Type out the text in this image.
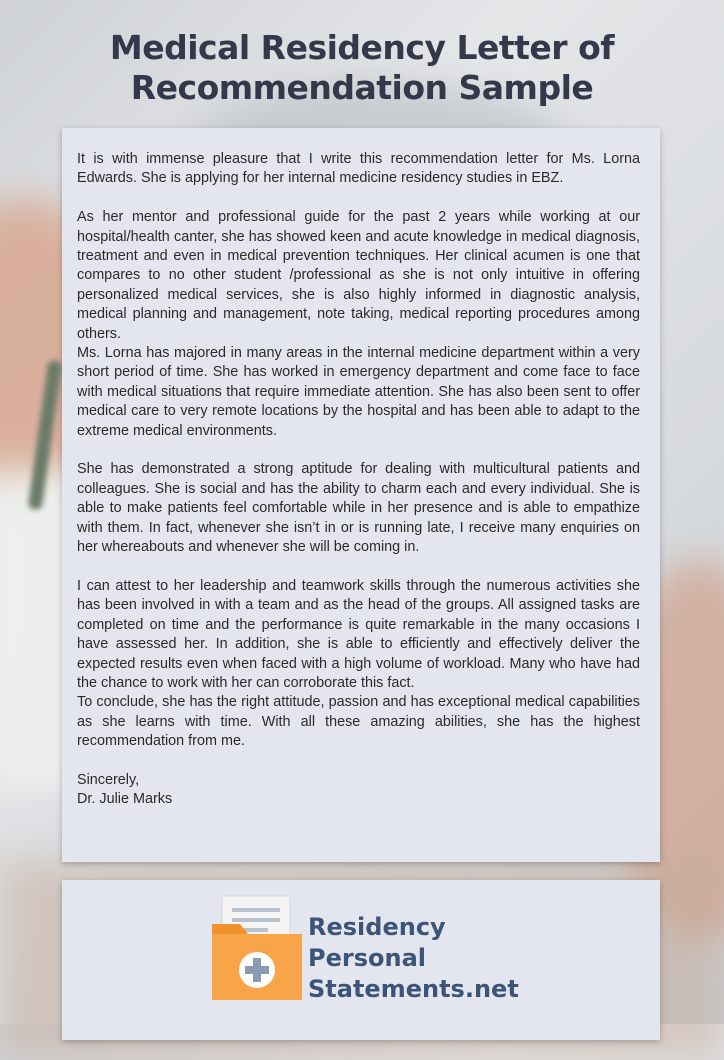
Medical Residency Letter of Recommendation Sample

It is with immense pleasure that I write this recommendation letter for Ms. Lorna Edwards. She is applying for her internal medicine residency studies in EBZ.

As her mentor and professional guide for the past 2 years while working at our hospital/health canter, she has showed keen and acute knowledge in medical diagnosis, treatment and even in medical prevention techniques. Her clinical acumen is one that compares to no other student /professional as she is not only intuitive in offering personalized medical services, she is also highly informed in diagnostic analysis, medical planning and management, note taking, medical reporting procedures among others.

Ms. Lorna has majored in many areas in the internal medicine department within a very short period of time. She has worked in emergency department and come face to face with medical situations that require immediate attention. She has also been sent to offer medical care to very remote locations by the hospital and has been able to adapt to the extreme medical environments.

She has demonstrated a strong aptitude for dealing with multicultural patients and colleagues. She is social and has the ability to charm each and every individual. She is able to make patients feel comfortable while in her presence and is able to empathize with them. In fact, whenever she isn’t in or is running late, I receive many enquiries on her whereabouts and whenever she will be coming in.

I can attest to her leadership and teamwork skills through the numerous activities she has been involved in with a team and as the head of the groups. All assigned tasks are completed on time and the performance is quite remarkable in the many occasions I have assessed her. In addition, she is able to efficiently and effectively deliver the expected results even when faced with a high volume of workload. Many who have had the chance to work with her can corroborate this fact.

To conclude, she has the right attitude, passion and has exceptional medical capabilities as she learns with time. With all these amazing abilities, she has the highest recommendation from me.

Sincerely,

Dr. Julie Marks

Residency
Personal
Statements.net
